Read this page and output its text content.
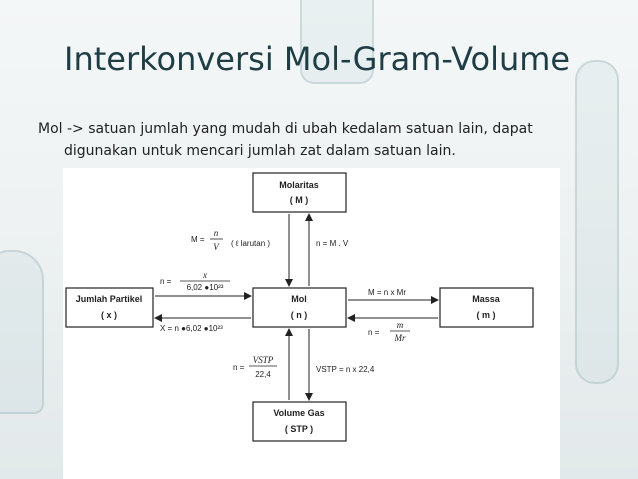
Interkonversi Mol-Gram-Volume

Mol -> satuan jumlah yang mudah di ubah kedalam satuan lain, dapat
digunakan untuk mencari jumlah zat dalam satuan lain.

Molaritas
( M )
Mol
( n )
Jumlah Partikel
( x )
Massa
( m )
Volume Gas
( STP )
M =
n
V ( ℓ larutan )	n = M . V
n =
x
6,02 ●10²³
X = n ●6,02 ●10²³
M = n x Mr
n =
m
Mr
n =
VSTP
22,4
VSTP = n x 22,4
